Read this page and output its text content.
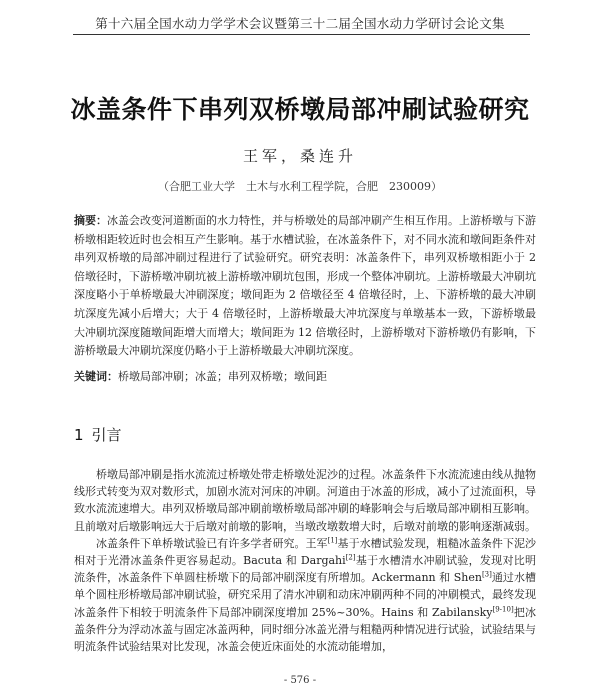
第十六届全国水动力学学术会议暨第三十二届全国水动力学研讨会论文集
冰盖条件下串列双桥墩局部冲刷试验研究
王军，桑连升
（合肥工业大学　土木与水利工程学院，合肥　230009）
摘要：冰盖会改变河道断面的水力特性，并与桥墩处的局部冲刷产生相互作用。上游桥墩与下游桥墩相距较近时也会相互产生影响。基于水槽试验，在冰盖条件下，对不同水流和墩间距条件对串列双桥墩的局部冲刷过程进行了试验研究。研究表明：冰盖条件下，串列双桥墩相距小于 2 倍墩径时，下游桥墩冲刷坑被上游桥墩冲刷坑包围，形成一个整体冲刷坑。上游桥墩最大冲刷坑深度略小于单桥墩最大冲刷深度；墩间距为 2 倍墩径至 4 倍墩径时，上、下游桥墩的最大冲刷坑深度先减小后增大；大于 4 倍墩径时，上游桥墩最大冲坑深度与单墩基本一致，下游桥墩最大冲刷坑深度随墩间距增大而增大；墩间距为 12 倍墩径时，上游桥墩对下游桥墩仍有影响，下游桥墩最大冲刷坑深度仍略小于上游桥墩最大冲刷坑深度。
关键词：桥墩局部冲刷；冰盖；串列双桥墩；墩间距
1 引言

桥墩局部冲刷是指水流流过桥墩处带走桥墩处泥沙的过程。冰盖条件下水流流速由线从抛物线形式转变为双对数形式，加剧水流对河床的冲刷。河道由于冰盖的形成，减小了过流面积，导致水流流速增大。串列双桥墩局部冲刷前墩桥墩局部冲刷的峰影响会与后墩局部冲刷相互影响。且前墩对后墩影响远大于后墩对前墩的影响，当墩改墩数增大时，后墩对前墩的影响逐渐减弱。

冰盖条件下单桥墩试验已有许多学者研究。王军[1]基于水槽试验发现，粗糙冰盖条件下泥沙相对于光滑冰盖条件更容易起动。Bacuta 和 Dargahi[2]基于水槽清水冲刷试验，发现对比明流条件，冰盖条件下单圆柱桥墩下的局部冲刷深度有所增加。Ackermann 和 Shen[3]通过水槽单个圆柱形桥墩局部冲刷试验，研究采用了清水冲刷和动床冲刷两种不同的冲刷模式，最终发现冰盖条件下相较于明流条件下局部冲刷深度增加 25%~30%。Hains 和 Zabilansky[9-10]把冰盖条件分为浮动冰盖与固定冰盖两种，同时细分冰盖光滑与粗糙两种情况进行试验，试验结果与明流条件试验结果对比发现，冰盖会使近床面处的水流动能增加，

- 576 -
